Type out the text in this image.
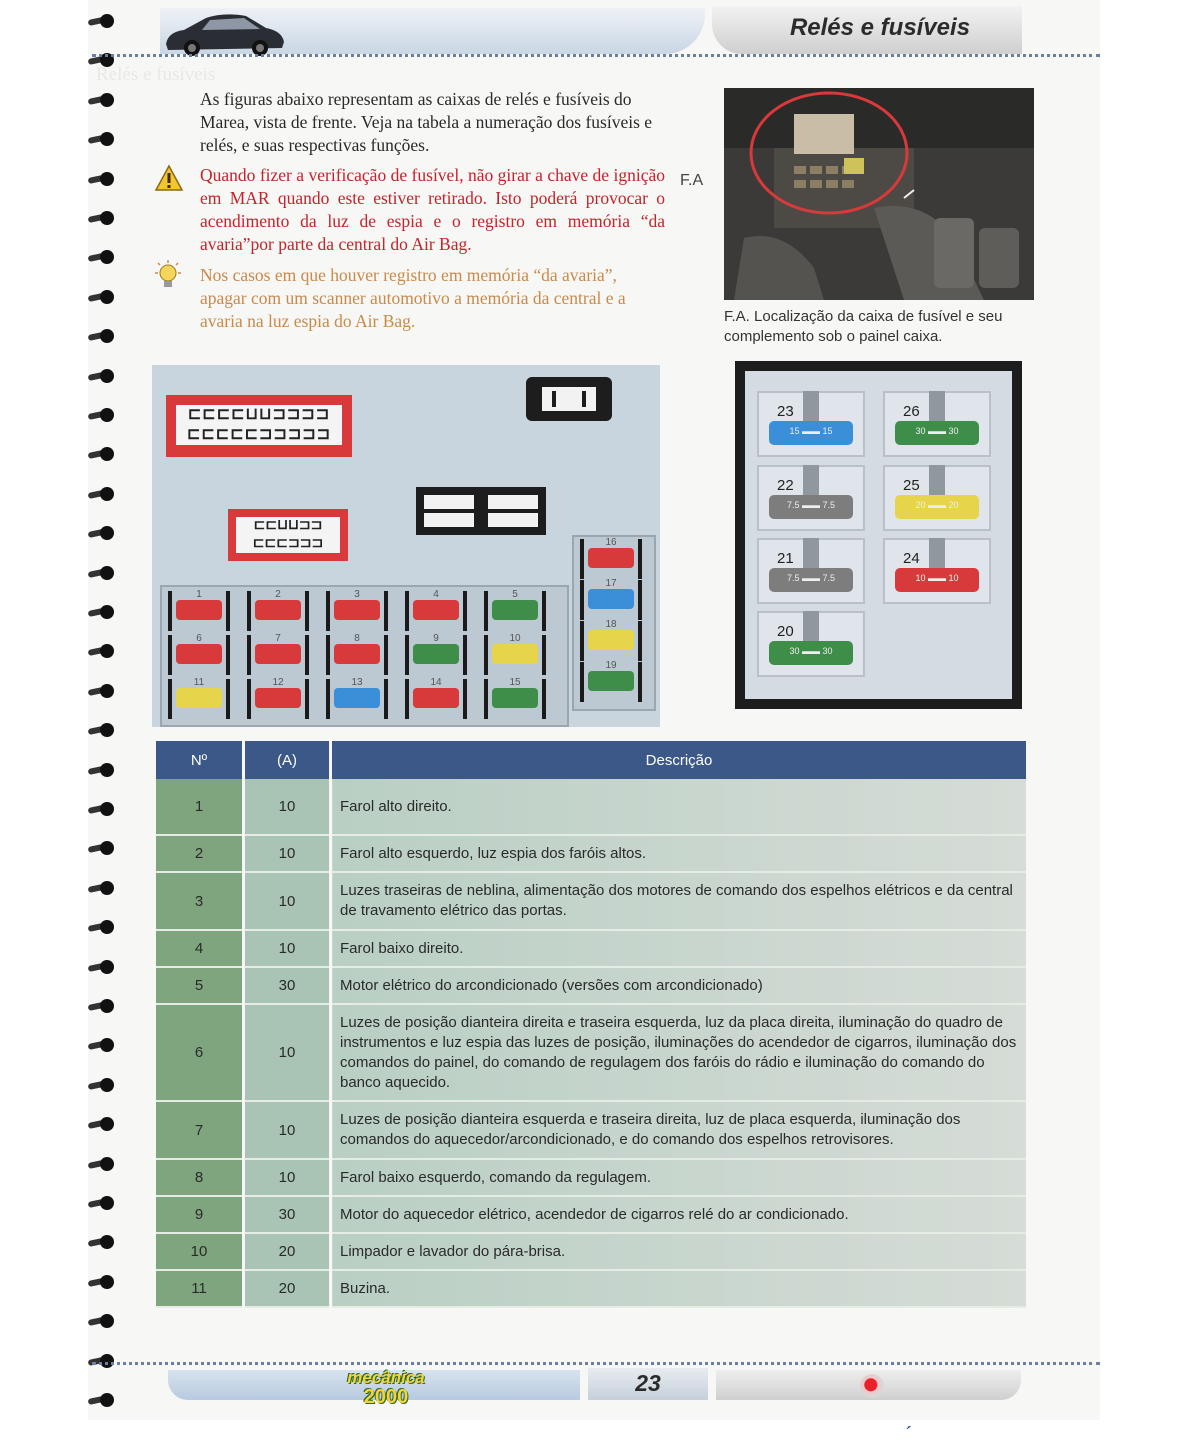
Relés e fusíveis
Relés e fusíveis
As figuras abaixo representam as caixas de relés e fusíveis do Marea, vista de frente. Veja na tabela a numeração dos fusíveis e relés, e suas respectivas funções.
Quando fizer a verificação de fusível, não girar a chave de ignição em MAR quando este estiver retirado. Isto poderá provocar o acendimento da luz de espia e o registro em memória “da avaria”por parte da central do Air Bag.
Nos casos em que houver registro em memória “da avaria”, apagar com um scanner automotivo a memória da central e a avaria na luz espia do Air Bag.
F.A
F.A. Localização da caixa de fusível e seu complemento sob o painel caixa.
⊏⊏⊏⊏⊔⊔⊐⊐⊐⊐
⊏⊏⊏⊏⊏⊐⊐⊐⊐⊐
⊏⊏⊔⊔⊐⊐
⊏⊏⊏⊐⊐⊐
1	2	3	4	5
6	7	8	9	10
11	12	13	14	15
16
17
18
19
23
15 ▬▬ 15
26
30 ▬▬ 30
22
7.5 ▬▬ 7.5
25
20 ▬▬ 20
21
7.5 ▬▬ 7.5
24
10 ▬▬ 10
20
30 ▬▬ 30
Nº	(A)	Descrição
1	10	Farol alto direito.
2	10	Farol alto esquerdo, luz espia dos faróis altos.
3	10	Luzes traseiras de neblina, alimentação dos motores de comando dos espelhos elétricos e da central de travamento elétrico das portas.
4	10	Farol baixo direito.
5	30	Motor elétrico do arcondicionado (versões com arcondicionado)
6	10	Luzes de posição dianteira direita e traseira esquerda, luz da placa direita, iluminação do quadro de instrumentos e luz espia das luzes de posição, iluminações do acendedor de cigarros, iluminação dos comandos do painel, do comando de regulagem dos faróis do rádio e iluminação do comando do banco aquecido.
7	10	Luzes de posição dianteira esquerda e traseira direita, luz de placa esquerda, iluminação dos comandos do aquecedor/arcondicionado, e do comando dos espelhos retrovisores.
8	10	Farol baixo esquerdo, comando da regulagem.
9	30	Motor do aquecedor elétrico, acendedor de cigarros relé do ar condicionado.
10	20	Limpador e lavador do pára-brisa.
11	20	Buzina.
mecânica
2000
23
´
